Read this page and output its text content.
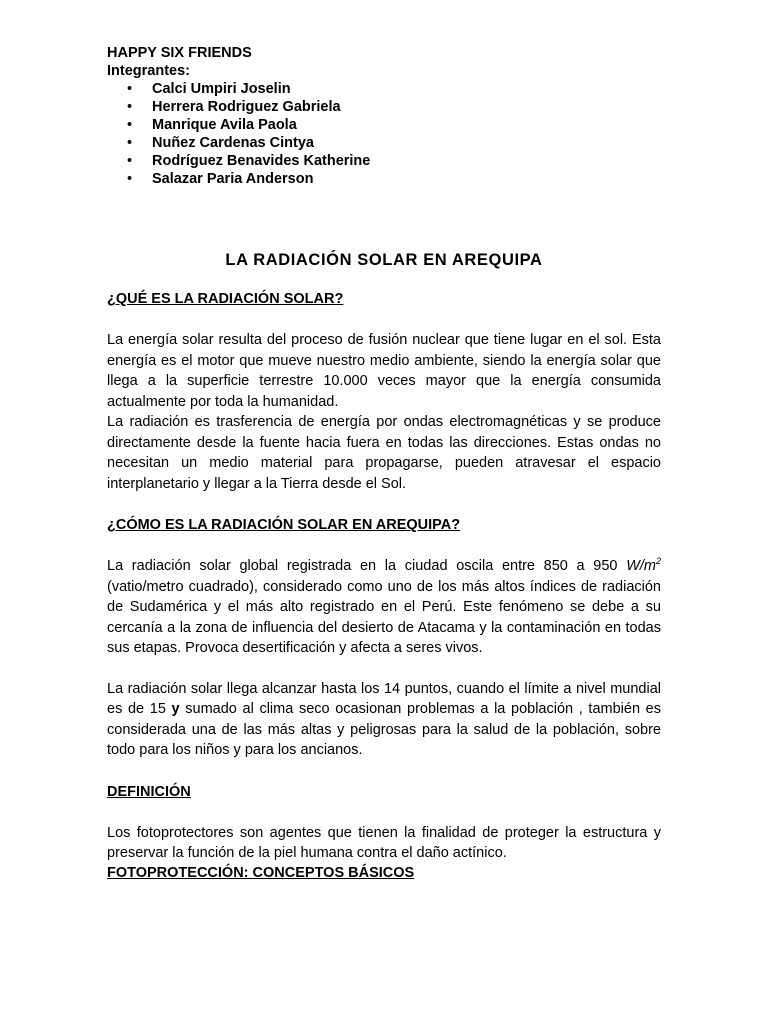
HAPPY SIX FRIENDS
Integrantes:
• Calci Umpiri Joselin
• Herrera Rodriguez Gabriela
• Manrique Avila Paola
• Nuñez Cardenas Cintya
• Rodríguez Benavides Katherine
• Salazar Paria Anderson
LA RADIACIÓN SOLAR EN AREQUIPA
¿QUÉ ES LA RADIACIÓN SOLAR?

La energía solar resulta del proceso de fusión nuclear que tiene lugar en el sol. Esta energía es el motor que mueve nuestro medio ambiente, siendo la energía solar que llega a la superficie terrestre 10.000 veces mayor que la energía consumida actualmente por toda la humanidad.

La radiación es trasferencia de energía por ondas electromagnéticas y se produce directamente desde la fuente hacia fuera en todas las direcciones. Estas ondas no necesitan un medio material para propagarse, pueden atravesar el espacio interplanetario y llegar a la Tierra desde el Sol.

¿CÓMO ES LA RADIACIÓN SOLAR EN AREQUIPA?

La radiación solar global registrada en la ciudad oscila entre 850 a 950 $W/m^2$ (vatio/metro cuadrado), considerado como uno de los más altos índices de radiación de Sudamérica y el más alto registrado en el Perú. Este fenómeno se debe a su cercanía a la zona de influencia del desierto de Atacama y la contaminación en todas sus etapas. Provoca desertificación y afecta a seres vivos.

La radiación solar llega alcanzar hasta los 14 puntos, cuando el límite a nivel mundial es de 15 y sumado al clima seco ocasionan problemas a la población , también es considerada una de las más altas y peligrosas para la salud de la población, sobre todo para los niños y para los ancianos.

DEFINICIÓN

Los fotoprotectores son agentes que tienen la finalidad de proteger la estructura y preservar la función de la piel humana contra el daño actínico.

FOTOPROTECCIÓN: CONCEPTOS BÁSICOS
